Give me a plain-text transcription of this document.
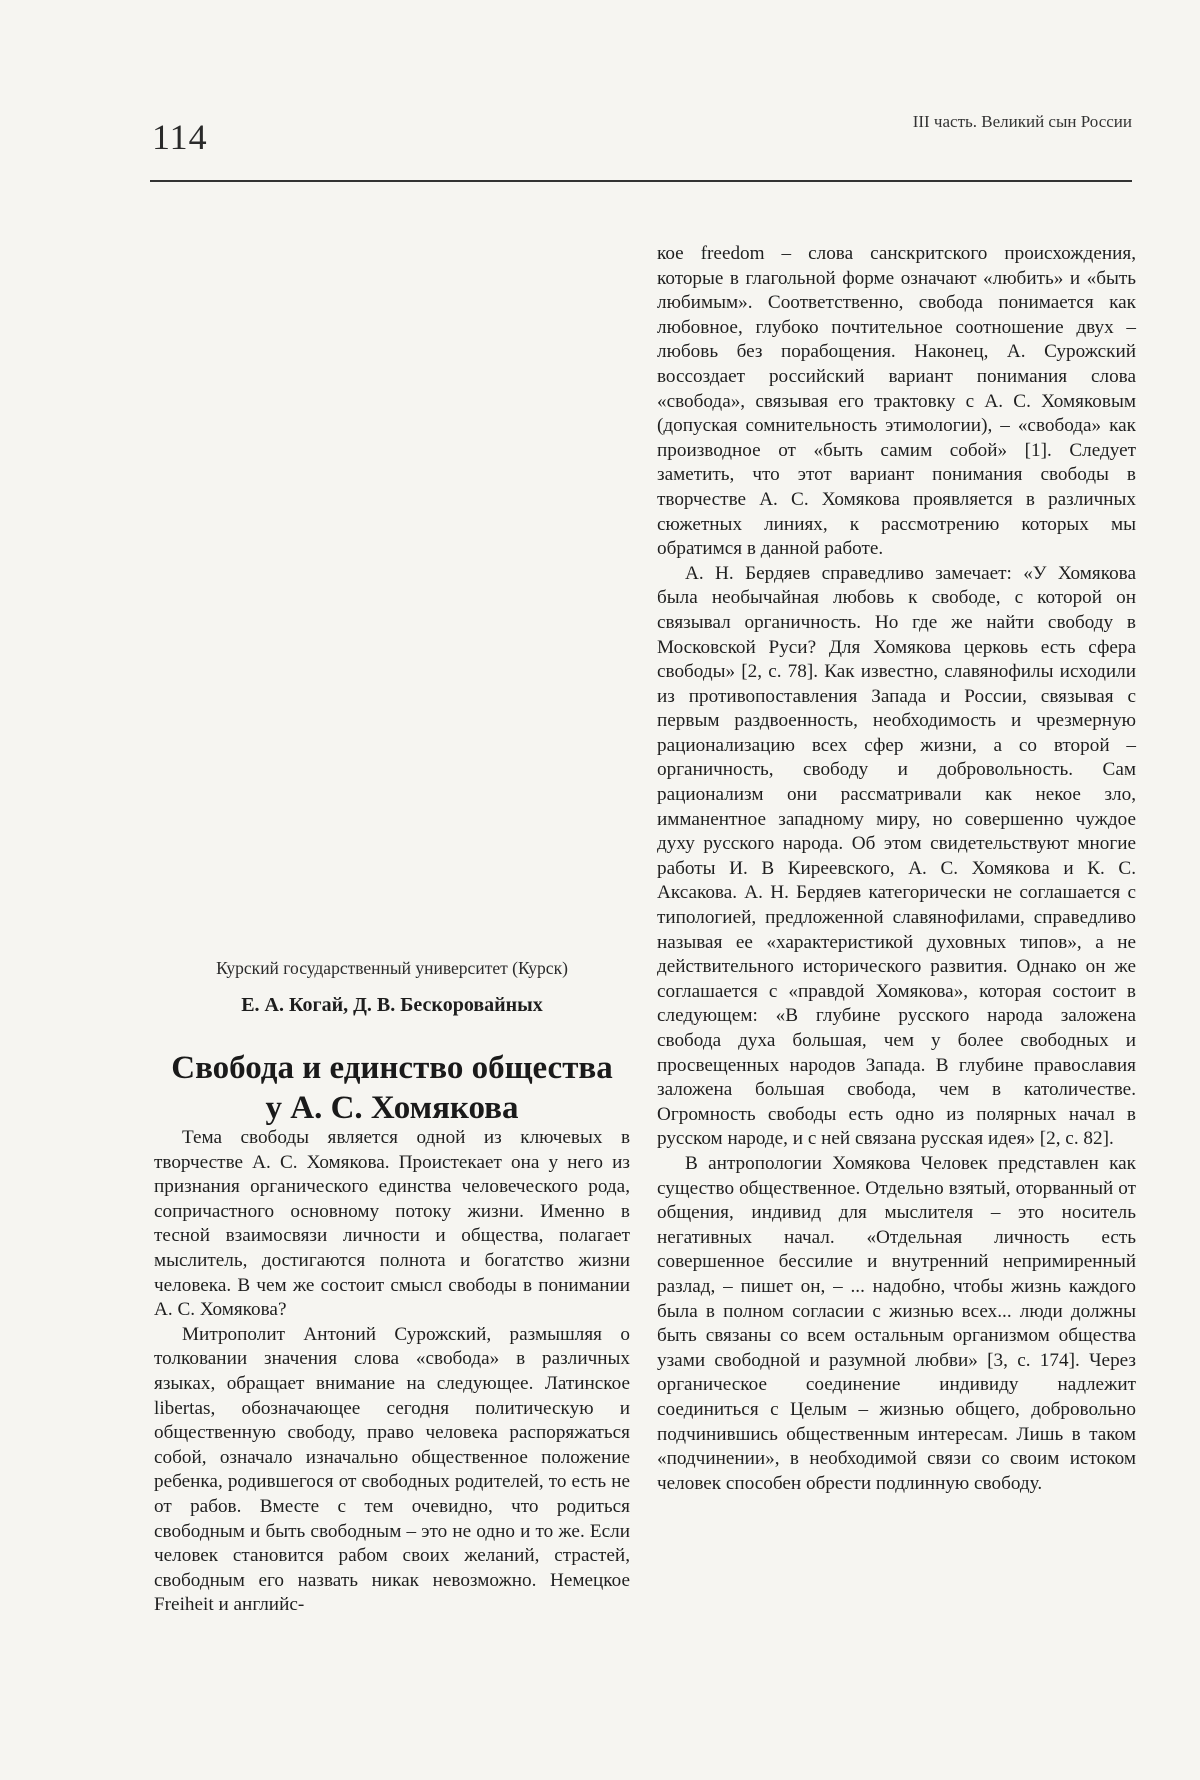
114	III часть. Великий сын России
Курский государственный университет (Курск)
Е. А. Когай, Д. В. Бескоровайных
Свобода и единство общества
у А. С. Хомякова

Тема свободы является одной из ключевых в творчестве А. С. Хомякова. Проистекает она у него из признания органического единства человеческого рода, сопричастного основному потоку жизни. Именно в тесной взаимосвязи личности и общества, полагает мыслитель, достигаются полнота и богатство жизни человека. В чем же состоит смысл свободы в понимании А. С. Хомякова?

Митрополит Антоний Сурожский, размышляя о толковании значения слова «свобода» в различных языках, обращает внимание на следующее. Латинское libertas, обозначающее сегодня политическую и общественную свободу, право человека распоряжаться собой, означало изначально общественное положение ребенка, родившегося от свободных родителей, то есть не от рабов. Вместе с тем очевидно, что родиться свободным и быть свободным – это не одно и то же. Если человек становится рабом своих желаний, страстей, свободным его назвать никак невозможно. Немецкое Freiheit и английс-

кое freedom – слова санскритского происхождения, которые в глагольной форме означают «любить» и «быть любимым». Соответственно, свобода понимается как любовное, глубоко почтительное соотношение двух – любовь без порабощения. Наконец, А. Сурожский воссоздает российский вариант понимания слова «свобода», связывая его трактовку с А. С. Хомяковым (допуская сомнительность этимологии), – «свобода» как производное от «быть самим собой» [1]. Следует заметить, что этот вариант понимания свободы в творчестве А. С. Хомякова проявляется в различных сюжетных линиях, к рассмотрению которых мы обратимся в данной работе.

А. Н. Бердяев справедливо замечает: «У Хомякова была необычайная любовь к свободе, с которой он связывал органичность. Но где же найти свободу в Московской Руси? Для Хомякова церковь есть сфера свободы» [2, с. 78]. Как известно, славянофилы исходили из противопоставления Запада и России, связывая с первым раздвоенность, необходимость и чрезмерную рационализацию всех сфер жизни, а со второй – органичность, свободу и добровольность. Сам рационализм они рассматривали как некое зло, имманентное западному миру, но совершенно чуждое духу русского народа. Об этом свидетельствуют многие работы И. В Киреевского, А. С. Хомякова и К. С. Аксакова. А. Н. Бердяев категорически не соглашается с типологией, предложенной славянофилами, справедливо называя ее «характеристикой духовных типов», а не действительного исторического развития. Однако он же соглашается с «правдой Хомякова», которая состоит в следующем: «В глубине русского народа заложена свобода духа большая, чем у более свободных и просвещенных народов Запада. В глубине православия заложена большая свобода, чем в католичестве. Огромность свободы есть одно из полярных начал в русском народе, и с ней связана русская идея» [2, с. 82].

В антропологии Хомякова Человек представлен как существо общественное. Отдельно взятый, оторванный от общения, индивид для мыслителя – это носитель негативных начал. «Отдельная личность есть совершенное бессилие и внутренний непримиренный разлад, – пишет он, – ... надобно, чтобы жизнь каждого была в полном согласии с жизнью всех... люди должны быть связаны со всем остальным организмом общества узами свободной и разумной любви» [3, с. 174]. Через органическое соединение индивиду надлежит соединиться с Целым – жизнью общего, добровольно подчинившись общественным интересам. Лишь в таком «подчинении», в необходимой связи со своим истоком человек способен обрести подлинную свободу.
